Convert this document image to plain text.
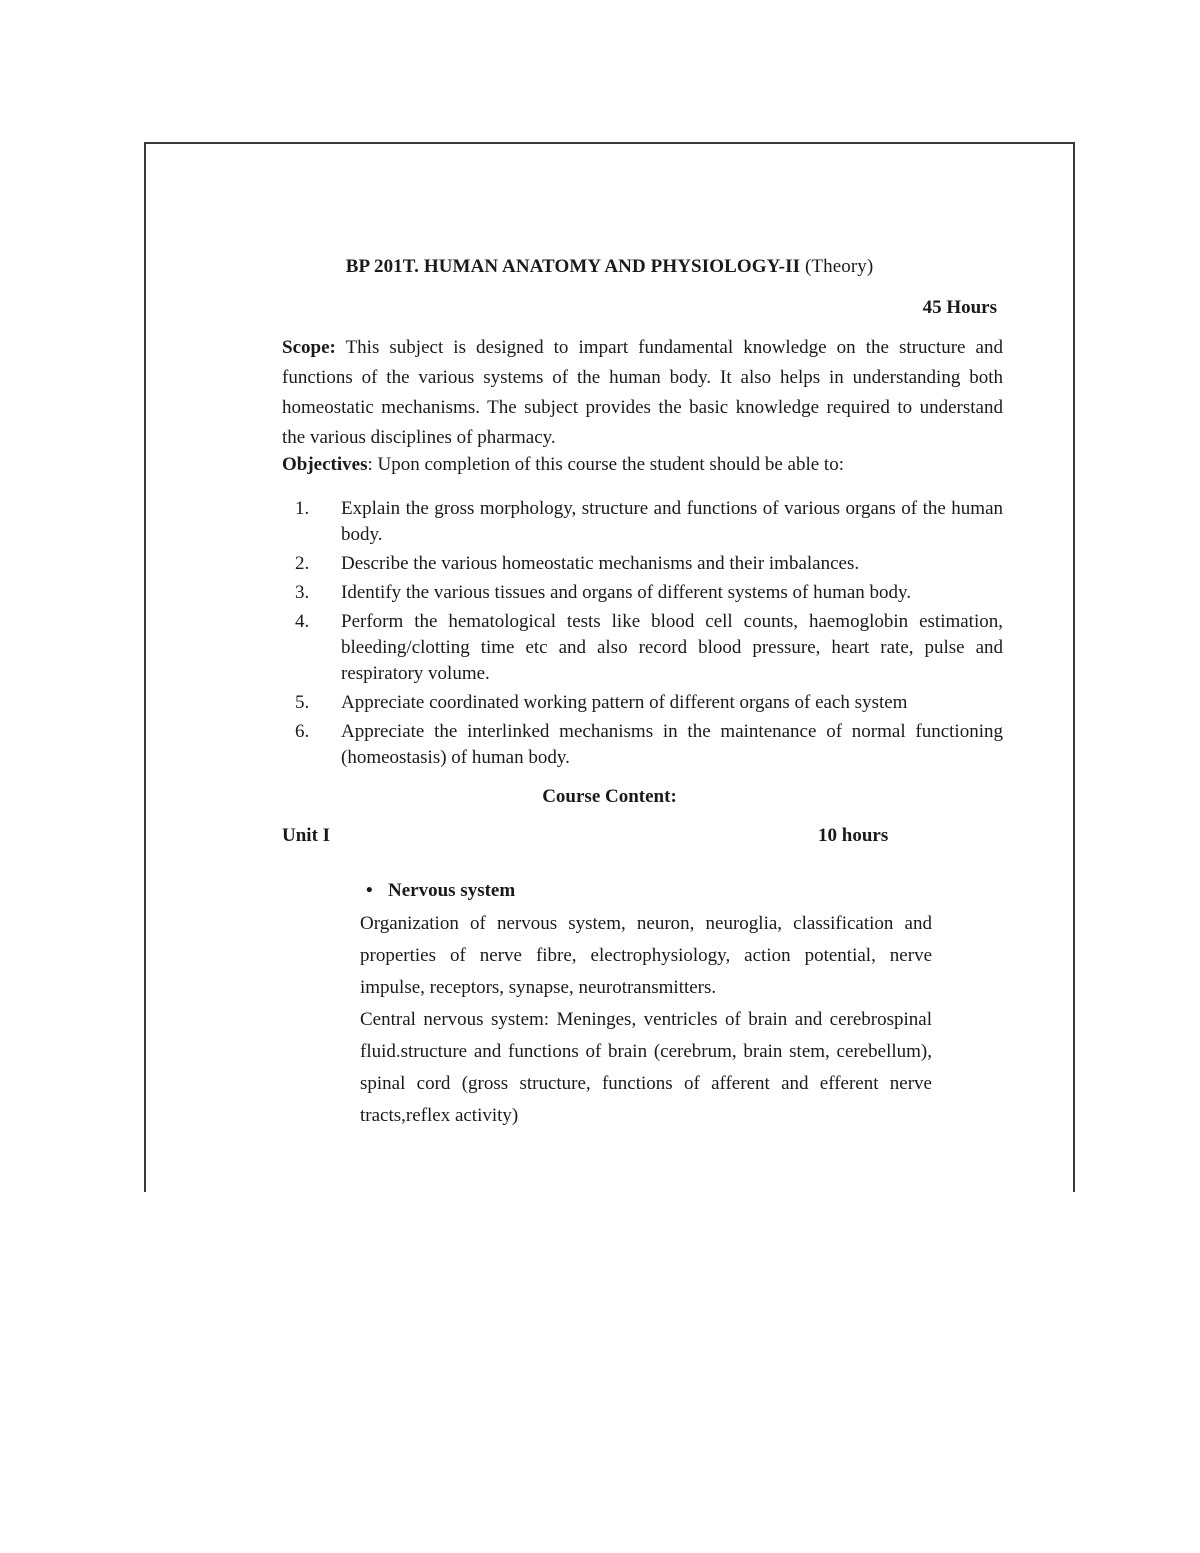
BP 201T. HUMAN ANATOMY AND PHYSIOLOGY-II (Theory)
45 Hours
Scope: This subject is designed to impart fundamental knowledge on the structure and functions of the various systems of the human body. It also helps in understanding both homeostatic mechanisms. The subject provides the basic knowledge required to understand the various disciplines of pharmacy.
Objectives: Upon completion of this course the student should be able to:
1.	Explain the gross morphology, structure and functions of various organs of the human body.
2.	Describe the various homeostatic mechanisms and their imbalances.
3.	Identify the various tissues and organs of different systems of human body.
4.	Perform the hematological tests like blood cell counts, haemoglobin estimation, bleeding/clotting time etc and also record blood pressure, heart rate, pulse and respiratory volume.
5.	Appreciate coordinated working pattern of different organs of each system
6.	Appreciate the interlinked mechanisms in the maintenance of normal functioning (homeostasis) of human body.
Course Content:
Unit I	10 hours
• Nervous system
Organization of nervous system, neuron, neuroglia, classification and properties of nerve fibre, electrophysiology, action potential, nerve impulse, receptors, synapse, neurotransmitters.
Central nervous system: Meninges, ventricles of brain and cerebrospinal fluid.structure and functions of brain (cerebrum, brain stem, cerebellum), spinal cord (gross structure, functions of afferent and efferent nerve tracts,reflex activity)
